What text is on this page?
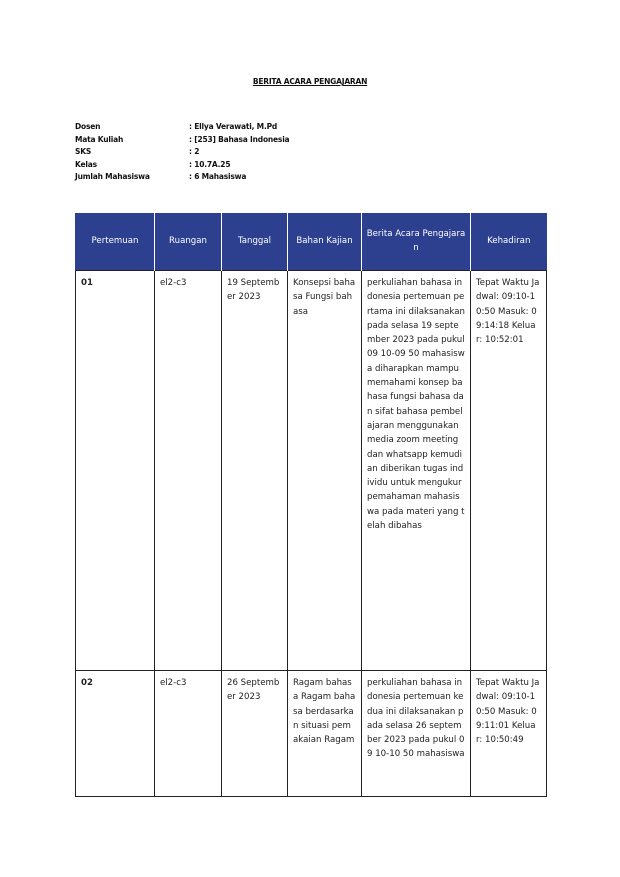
BERITA ACARA PENGAJARAN
Dosen	: Ellya Verawati, M.Pd
Mata Kuliah	: [253] Bahasa Indonesia
SKS	: 2
Kelas	: 10.7A.25
Jumlah Mahasiswa	: 6 Mahasiswa
Pertemuan	Ruangan	Tanggal	Bahan Kajian	Berita Acara Pengajaran	Kehadiran
01	el2-c3	19 September 2023	Konsepsi bahasa Fungsi bahasa	perkuliahan bahasa indonesia pertemuan pertama ini dilaksanakan pada selasa 19 september 2023 pada pukul 09 10-09 50 mahasiswa diharapkan mampu memahami konsep bahasa fungsi bahasa dan sifat bahasa pembelajaran menggunakan media zoom meeting dan whatsapp kemudian diberikan tugas individu untuk mengukur pemahaman mahasiswa pada materi yang telah dibahas	Tepat Waktu Jadwal: 09:10-10:50 Masuk: 09:14:18 Keluar: 10:52:01
02	el2-c3	26 September 2023	Ragam bahasa Ragam bahasa berdasarkan situasi pemakaian Ragam	perkuliahan bahasa indonesia pertemuan kedua ini dilaksanakan pada selasa 26 september 2023 pada pukul 09 10-10 50 mahasiswa	Tepat Waktu Jadwal: 09:10-10:50 Masuk: 09:11:01 Keluar: 10:50:49
